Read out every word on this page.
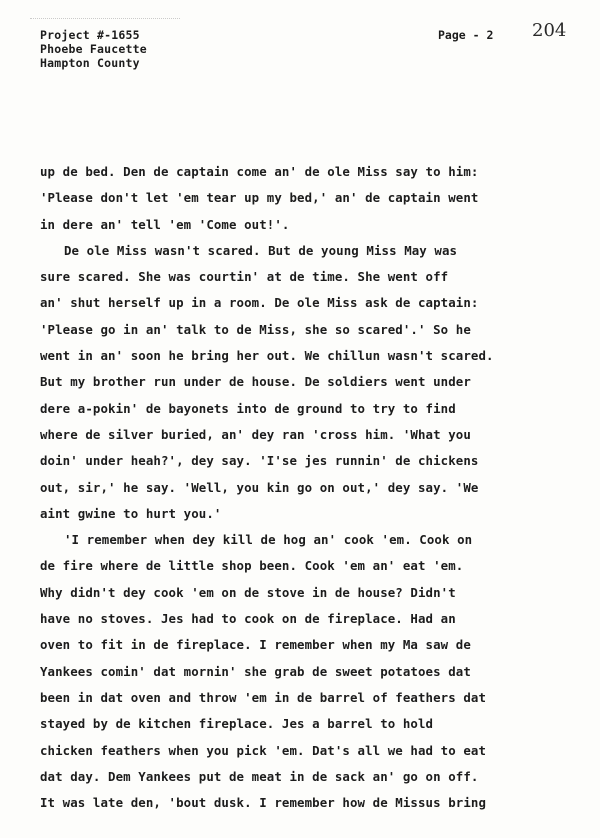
Project #-1655
Phoebe Faucette
Hampton County
Page - 2 204
up de bed. Den de captain come an' de ole Miss say to him:
'Please don't let 'em tear up my bed,' an' de captain went
in dere an' tell 'em 'Come out!'.
De ole Miss wasn't scared. But de young Miss May was
sure scared. She was courtin' at de time. She went off
an' shut herself up in a room. De ole Miss ask de captain:
'Please go in an' talk to de Miss, she so scared'.' So he
went in an' soon he bring her out. We chillun wasn't scared.
But my brother run under de house. De soldiers went under
dere a-pokin' de bayonets into de ground to try to find
where de silver buried, an' dey ran 'cross him. 'What you
doin' under heah?', dey say. 'I'se jes runnin' de chickens
out, sir,' he say. 'Well, you kin go on out,' dey say. 'We
aint gwine to hurt you.'
'I remember when dey kill de hog an' cook 'em. Cook on
de fire where de little shop been. Cook 'em an' eat 'em.
Why didn't dey cook 'em on de stove in de house? Didn't
have no stoves. Jes had to cook on de fireplace. Had an
oven to fit in de fireplace. I remember when my Ma saw de
Yankees comin' dat mornin' she grab de sweet potatoes dat
been in dat oven and throw 'em in de barrel of feathers dat
stayed by de kitchen fireplace. Jes a barrel to hold
chicken feathers when you pick 'em. Dat's all we had to eat
dat day. Dem Yankees put de meat in de sack an' go on off.
It was late den, 'bout dusk. I remember how de Missus bring
